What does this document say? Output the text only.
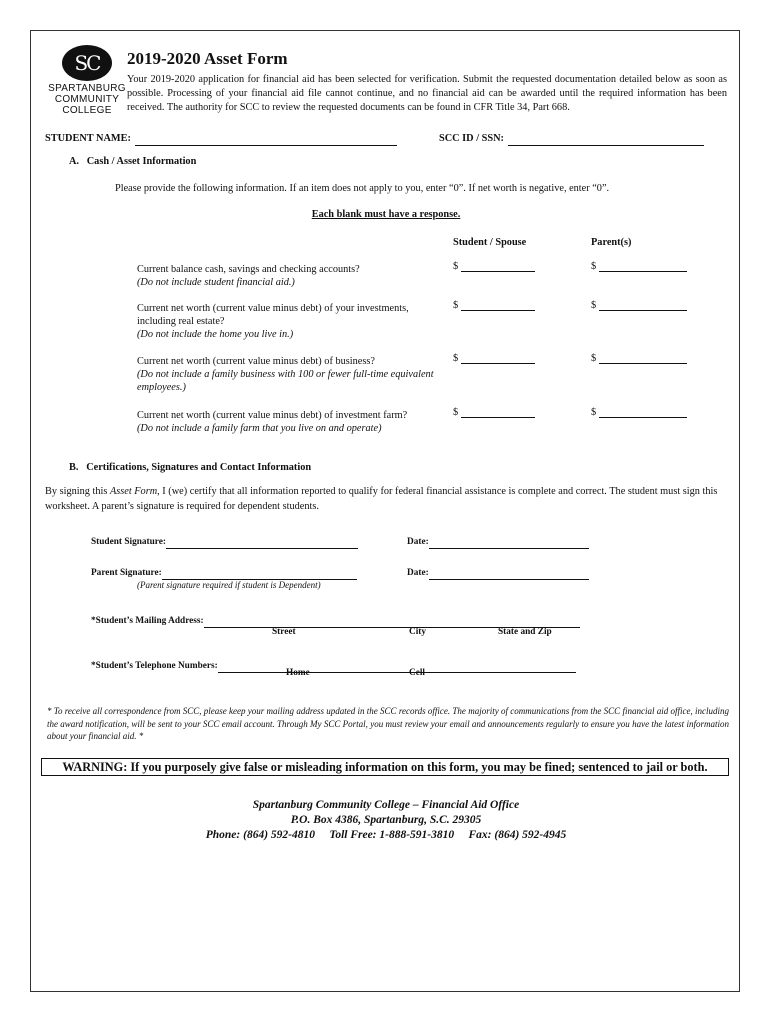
SC
SPARTANBURG
COMMUNITY
COLLEGE
2019-2020 Asset Form
Your 2019-2020 application for financial aid has been selected for verification. Submit the requested documentation detailed below as soon as possible. Processing of your financial aid file cannot continue, and no financial aid can be awarded until the required information has been received. The authority for SCC to review the requested documents can be found in CFR Title 34, Part 668.
STUDENT NAME:	SCC ID / SSN:
A. Cash / Asset Information
Please provide the following information. If an item does not apply to you, enter “0”. If net worth is negative, enter “0”.
Each blank must have a response.
Student / Spouse	Parent(s)
Current balance cash, savings and checking accounts?
(Do not include student financial aid.)
$	$
Current net worth (current value minus debt) of your investments, including real estate?
(Do not include the home you live in.)
$	$
Current net worth (current value minus debt) of business?
(Do not include a family business with 100 or fewer full-time equivalent employees.)
$	$
Current net worth (current value minus debt) of investment farm?
(Do not include a family farm that you live on and operate)
$	$
B. Certifications, Signatures and Contact Information
By signing this Asset Form, I (we) certify that all information reported to qualify for federal financial assistance is complete and correct. The student must sign this worksheet. A parent’s signature is required for dependent students.
Student Signature:	Date:
Parent Signature:	Date:
(Parent signature required if student is Dependent)
*Student’s Mailing Address:
Street	City	State and Zip
*Student’s Telephone Numbers:
Home	Cell
* To receive all correspondence from SCC, please keep your mailing address updated in the SCC records office. The majority of communications from the SCC financial aid office, including the award notification, will be sent to your SCC email account. Through My SCC Portal, you must review your email and announcements regularly to ensure you have the latest information about your financial aid. *
WARNING: If you purposely give false or misleading information on this form, you may be fined; sentenced to jail or both.
Spartanburg Community College – Financial Aid Office
P.O. Box 4386, Spartanburg, S.C. 29305
Phone: (864) 592-4810     Toll Free: 1-888-591-3810     Fax: (864) 592-4945
